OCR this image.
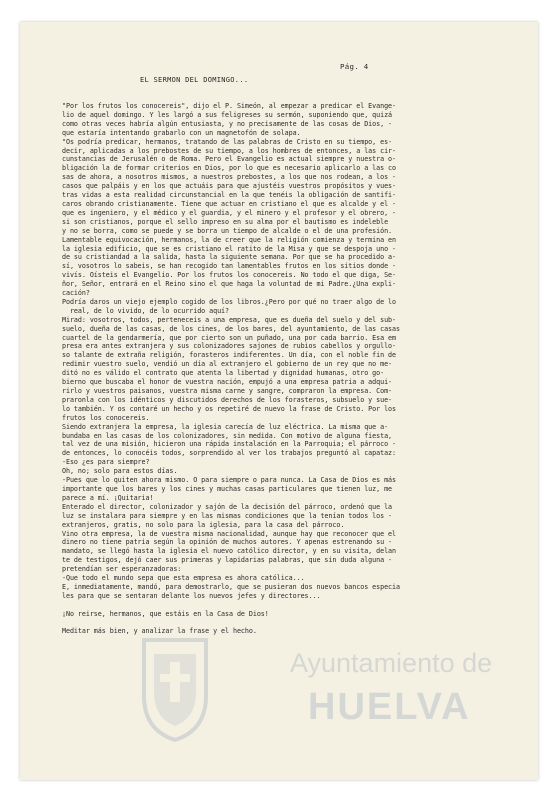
Pág. 4
EL SERMON DEL DOMINGO...
"Por los frutos los conocereis", dijo el P. Simeón, al empezar a predicar el Evange-
lio de aquel domingo. Y les largó a sus feligreses su sermón, suponiendo que, quizá
como otras veces habría algún entusiasta, y no precisamente de las cosas de Dios, -
que estaría intentando grabarlo con un magnetofón de solapa.
"Os podría predicar, hermanos, tratando de las palabras de Cristo en su tiempo, es-
decir, aplicadas a los prebostes de su tiempo, a los hombres de entonces, a las cir-
cunstancias de Jerusalén o de Roma. Pero el Evangelio es actual siempre y nuestra o-
bligación la de formar criterios en Dios, por lo que es necesario aplicarlo a las co
sas de ahora, a nosotros mismos, a nuestros prebostes, a los que nos rodean, a los -
casos que palpáis y en los que actuáis para que ajustéis vuestros propósitos y vues-
tras vidas a esta realidad circunstancial en la que tenéis la obligación de santifi-
caros obrando cristianamente. Tiene que actuar en cristiano el que es alcalde y el -
que es ingeniero, y el médico y el guardia, y el minero y el profesor y el obrero, -
si son cristianos, porque el sello impreso en su alma por el bautismo es indeleble
y no se borra, como se puede y se borra un tiempo de alcalde o el de una profesión.
Lamentable equivocación, hermanos, la de creer que la religión comienza y termina en
la iglesia edificio, que se es cristiano el ratito de la Misa y que se despoja uno -
de su cristiandad a la salida, hasta la siguiente semana. Por que se ha procedido a-
sí, vosotros lo sabeis, se han recogido tan lamentables frutos en los sitios donde -
vivís. Oísteis el Evangelio. Por los frutos los conocereis. No todo el que diga, Se-
ñor, Señor, entrará en el Reino sino el que haga la voluntad de mi Padre.¿Una expli-
cación?
Podría daros un viejo ejemplo cogido de los libros.¿Pero por qué no traer algo de lo
real, de lo vivido, de lo ocurrido aquí?
Mirad: vosotros, todos, perteneceis a una empresa, que es dueña del suelo y del sub-
suelo, dueña de las casas, de los cines, de los bares, del ayuntamiento, de las casas
cuartel de la gendarmería, que por cierto son un puñado, una por cada barrio. Esa em
presa era antes extranjera y sus colonizadores sajones de rubios cabellos y orgullo-
so talante de extraña religión, forasteros indiferentes. Un día, con el noble fin de
redimir vuestro suelo, vendió un día al extranjero el gobierno de un rey que no me-
ditó no es válido el contrato que atenta la libertad y dignidad humanas, otro go-
bierno que buscaba el honor de vuestra nación, empujó a una empresa patria a adqui-
rirlo y vuestros paisanos, vuestra misma carne y sangre, compraron la empresa. Com-
praronla con los idénticos y discutidos derechos de los forasteros, subsuelo y sue-
lo también. Y os contaré un hecho y os repetiré de nuevo la frase de Cristo. Por los
frutos los conocereis.
Siendo extranjera la empresa, la iglesia carecía de luz eléctrica. La misma que a-
bundaba en las casas de los colonizadores, sin medida. Con motivo de alguna fiesta,
tal vez de una misión, hicieron una rápida instalación en la Parroquia; el párroco -
de entonces, lo conocéis todos, sorprendido al ver los trabajos preguntó al capataz:
-Eso ¿es para siempre?
Oh, no; solo para estos días.
-Pues que lo quiten ahora mismo. O para siempre o para nunca. La Casa de Dios es más
importante que los bares y los cines y muchas casas particulares que tienen luz, me
parece a mí. ¡Quitaria!
Enterado el director, colonizador y sajón de la decisión del párroco, ordenó que la
luz se instalara para siempre y en las mismas condiciones que la tenían todos los -
extranjeros, gratis, no solo para la iglesia, para la casa del párroco.
Vino otra empresa, la de vuestra misma nacionalidad, aunque hay que reconocer que el
dinero no tiene patria según la opinión de muchos autores. Y apenas estrenando su -
mandato, se llegó hasta la iglesia el nuevo católico director, y en su visita, delan
te de testigos, dejó caer sus primeras y lapidarias palabras, que sin duda alguna -
pretendían ser esperanzadoras:
-Que todo el mundo sepa que esta empresa es ahora católica...
E, inmediatamente, mandó, para demostrarlo, que se pusieran dos nuevos bancos especia
les para que se sentaran delante los nuevos jefes y directores...

¡No reirse, hermanos, que estáis en la Casa de Dios!

Meditar más bien, y analizar la frase y el hecho.
Ayuntamiento de
HUELVA
